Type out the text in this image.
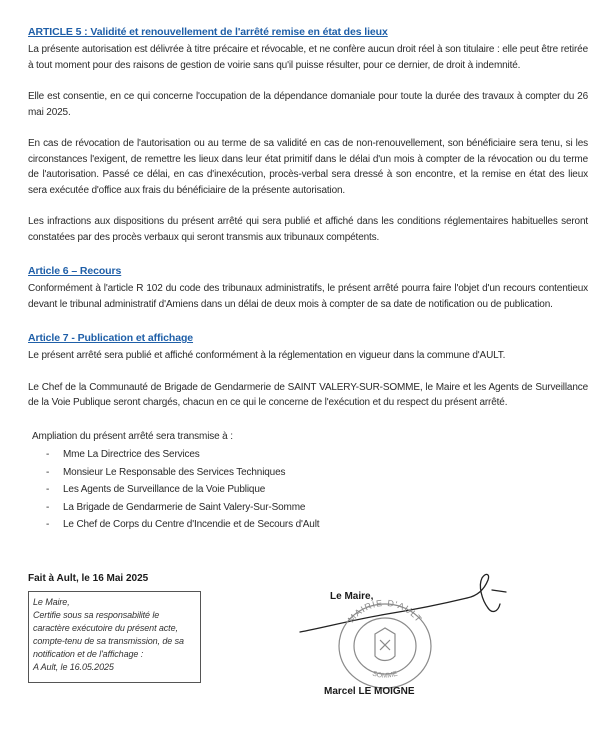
ARTICLE 5 : Validité et renouvellement de l'arrêté remise en état des lieux

La présente autorisation est délivrée à titre précaire et révocable, et ne confère aucun droit réel à son titulaire : elle peut être retirée à tout moment pour des raisons de gestion de voirie sans qu'il puisse résulter, pour ce dernier, de droit à indemnité.

Elle est consentie, en ce qui concerne l'occupation de la dépendance domaniale pour toute la durée des travaux à compter du 26 mai 2025.

En cas de révocation de l'autorisation ou au terme de sa validité en cas de non-renouvellement, son bénéficiaire sera tenu, si les circonstances l'exigent, de remettre les lieux dans leur état primitif dans le délai d'un mois à compter de la révocation ou du terme de l'autorisation. Passé ce délai, en cas d'inexécution, procès-verbal sera dressé à son encontre, et la remise en état des lieux sera exécutée d'office aux frais du bénéficiaire de la présente autorisation.

Les infractions aux dispositions du présent arrêté qui sera publié et affiché dans les conditions réglementaires habituelles seront constatées par des procès verbaux qui seront transmis aux tribunaux compétents.

Article 6 – Recours

Conformément à l'article R 102 du code des tribunaux administratifs, le présent arrêté pourra faire l'objet d'un recours contentieux devant le tribunal administratif d'Amiens dans un délai de deux mois à compter de sa date de notification ou de publication.

Article 7 - Publication et affichage

Le présent arrêté sera publié et affiché conformément à la réglementation en vigueur dans la commune d'AULT.

Le Chef de la Communauté de Brigade de Gendarmerie de SAINT VALERY-SUR-SOMME, le Maire et les Agents de Surveillance de la Voie Publique seront chargés, chacun en ce qui le concerne de l'exécution et du respect du présent arrêté.

Ampliation du présent arrêté sera transmise à :

- Mme La Directrice des Services
- Monsieur Le Responsable des Services Techniques
- Les Agents de Surveillance de la Voie Publique
- La Brigade de Gendarmerie de Saint Valery-Sur-Somme
- Le Chef de Corps du Centre d'Incendie et de Secours d'Ault
Fait à Ault, le 16 Mai 2025

Le Maire,

Certifie sous sa responsabilité le

caractère exécutoire du présent acte,

compte-tenu de sa transmission, de sa

notification et de l'affichage :

A Ault, le 16.05.2025

Le Maire,
MAIRIE D'AULT
SOMME
Marcel LE MOIGNE
